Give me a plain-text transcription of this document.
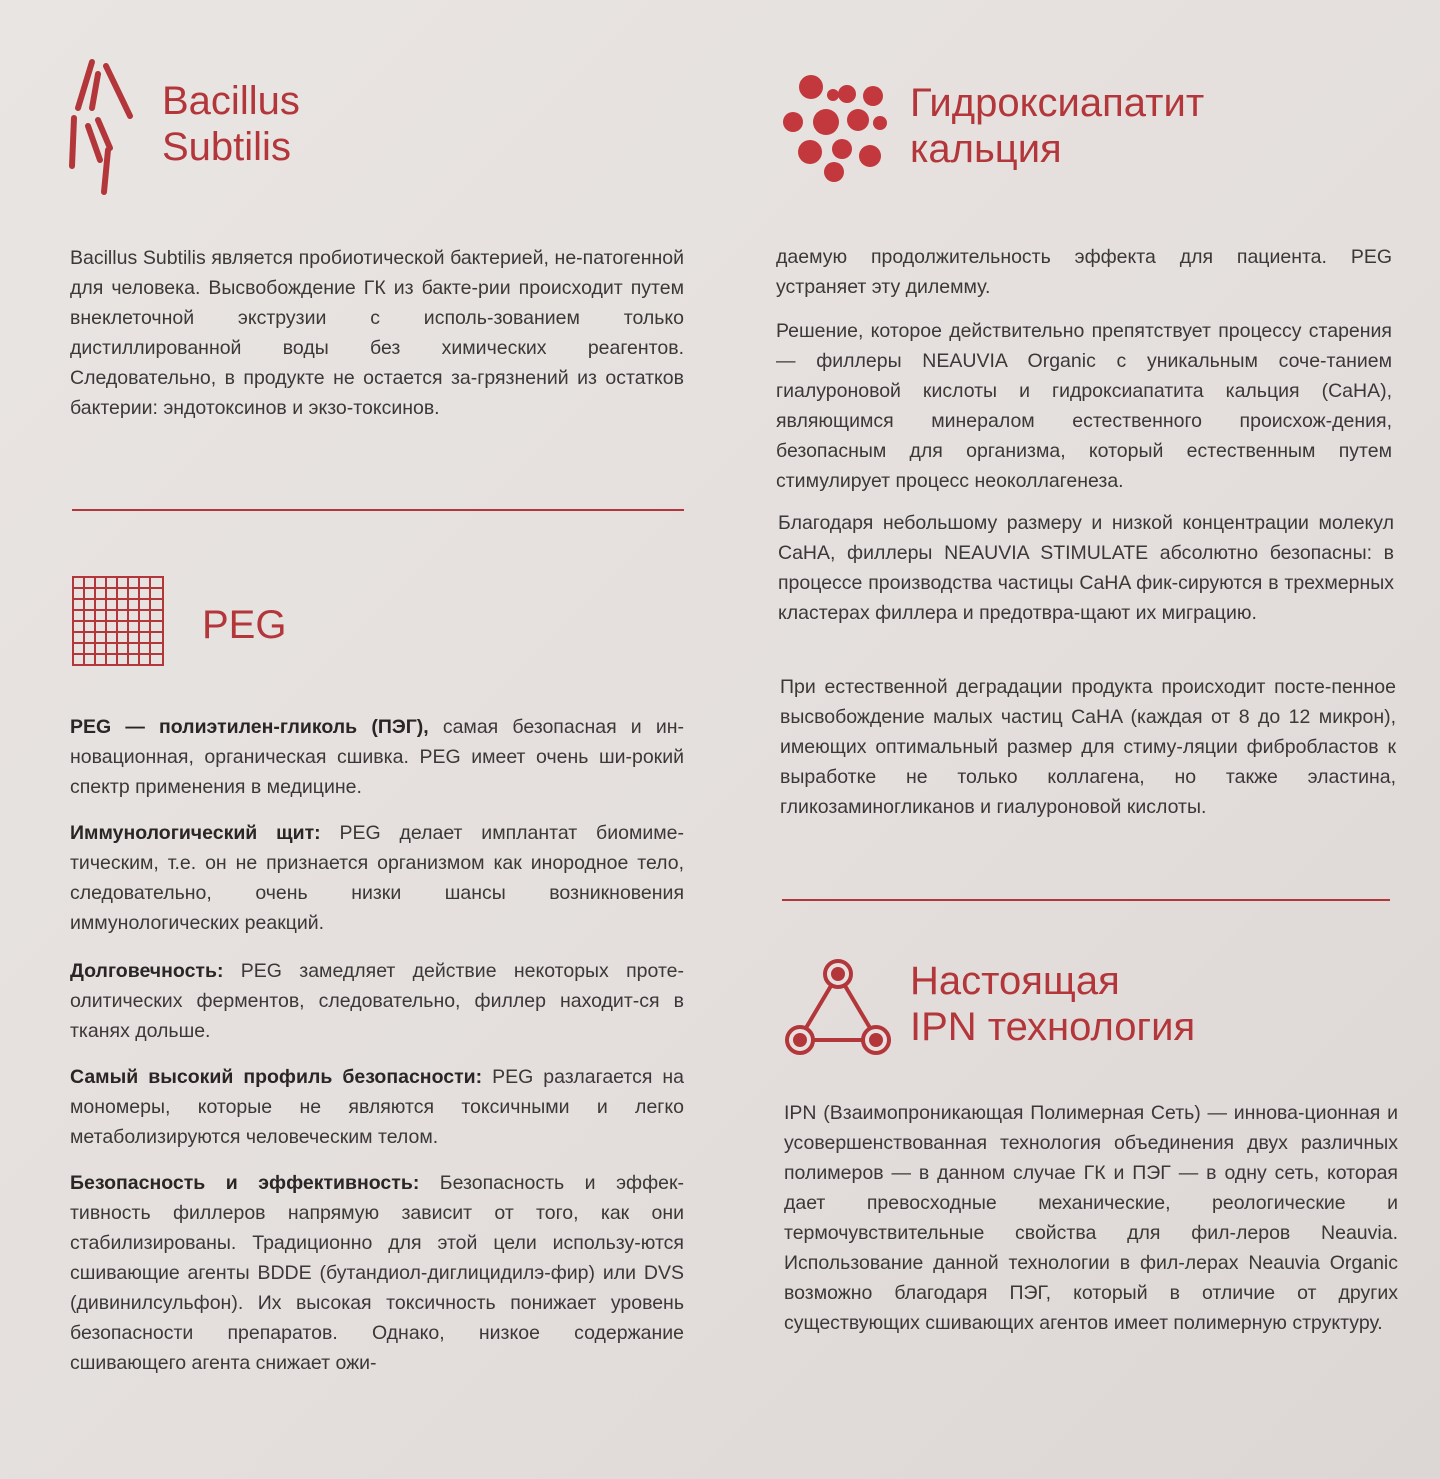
Bacillus
Subtilis

Bacillus Subtilis является пробиотической бактерией, не-патогенной для человека. Высвобождение ГК из бакте-рии происходит путем внеклеточной экструзии с исполь-зованием только дистиллированной воды без химических реагентов. Следовательно, в продукте не остается за-грязнений из остатков бактерии: эндотоксинов и экзо-токсинов.

PEG

PEG — полиэтилен-гликоль (ПЭГ), самая безопасная и ин-новационная, органическая сшивка. PEG имеет очень ши-рокий спектр применения в медицине.

Иммунологический щит: PEG делает имплантат биомиме-тическим, т.е. он не признается организмом как инородное тело, следовательно, очень низки шансы возникновения иммунологических реакций.

Долговечность: PEG замедляет действие некоторых проте-олитических ферментов, следовательно, филлер находит-ся в тканях дольше.

Самый высокий профиль безопасности: PEG разлагается на мономеры, которые не являются токсичными и легко метаболизируются человеческим телом.

Безопасность и эффективность: Безопасность и эффек-тивность филлеров напрямую зависит от того, как они стабилизированы. Традиционно для этой цели использу-ются сшивающие агенты BDDE (бутандиол-диглицидилэ-фир) или DVS (дивинилсульфон). Их высокая токсичность понижает уровень безопасности препаратов. Однако, низкое содержание сшивающего агента снижает ожи-

Гидроксиапатит
кальция

даемую продолжительность эффекта для пациента. PEG устраняет эту дилемму.

Решение, которое действительно препятствует процессу старения — филлеры NEAUVIA Organic с уникальным соче-танием гиалуроновой кислоты и гидроксиапатита кальция (CaHA), являющимся минералом естественного происхож-дения, безопасным для организма, который естественным путем стимулирует процесс неоколлагенеза.

Благодаря небольшому размеру и низкой концентрации молекул CaHA, филлеры NEAUVIA STIMULATE абсолютно безопасны: в процессе производства частицы CaHA фик-сируются в трехмерных кластерах филлера и предотвра-щают их миграцию.

При естественной деградации продукта происходит посте-пенное высвобождение малых частиц CaHA (каждая от 8 до 12 микрон), имеющих оптимальный размер для стиму-ляции фибробластов к выработке не только коллагена, но также эластина, гликозаминогликанов и гиалуроновой кислоты.

Настоящая
IPN технология

IPN (Взаимопроникающая Полимерная Сеть) — иннова-ционная и усовершенствованная технология объединения двух различных полимеров — в данном случае ГК и ПЭГ — в одну сеть, которая дает превосходные механические, реологические и термочувствительные свойства для фил-леров Neauvia. Использование данной технологии в фил-лерах Neauvia Organic возможно благодаря ПЭГ, который в отличие от других существующих сшивающих агентов имеет полимерную структуру.
